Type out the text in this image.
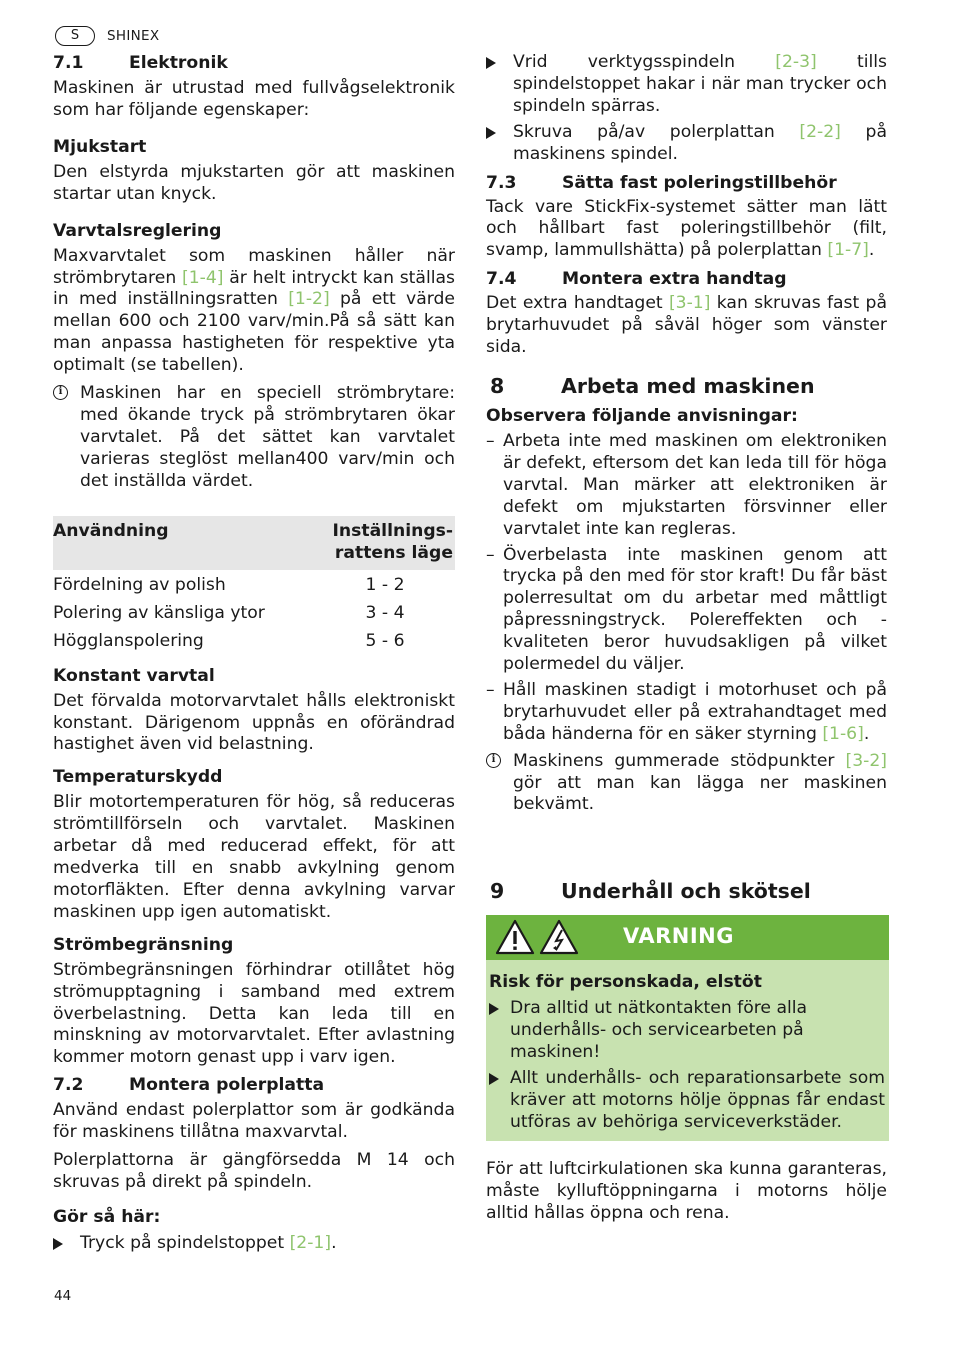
S	SHINEX
7.1	Elektronik

Maskinen är utrustad med fullvågselektronik som har följande egenskaper:

Mjukstart

Den elstyrda mjukstarten gör att maskinen startar utan knyck.

Varvtalsreglering

Maxvarvtalet som maskinen håller när strömbrytaren [1-4] är helt intryckt kan ställas in med inställningsratten [1-2] på ett värde mellan 600 och 2100 varv/min.På så sätt kan man anpassa hastigheten för respektive yta optimalt (se tabellen).

i	Maskinen har en speciell strömbrytare: med ökande tryck på strömbrytaren ökar varvtalet. På det sättet kan varvtalet varieras steglöst mellan400 varv/min och det inställda värdet.

Användning	Inställnings-
rattens läge
Fördelning av polish	1 - 2
Polering av känsliga ytor	3 - 4
Högglanspolering	5 - 6
Konstant varvtal

Det förvalda motorvarvtalet hålls elektroniskt konstant. Därigenom uppnås en oförändrad hastighet även vid belastning.

Temperaturskydd

Blir motortemperaturen för hög, så reduceras strömtillförseln och varvtalet. Maskinen arbetar då med reducerad effekt, för att medverka till en snabb avkylning genom motorfläkten. Efter denna avkylning varvar maskinen upp igen automatiskt.

Strömbegränsning

Strömbegränsningen förhindrar otillåtet hög strömupptagning i samband med extrem överbelastning. Detta kan leda till en minskning av motorvarvtalet. Efter avlastning kommer motorn genast upp i varv igen.

7.2	Montera polerplatta

Använd endast polerplattor som är godkända för maskinens tillåtna maxvarvtal.

Polerplattorna är gängförsedda M 14 och skruvas på direkt på spindeln.

Gör så här:

Tryck på spindelstoppet [2-1].

Vrid verktygsspindeln [2-3] tills spindelstoppet hakar i när man trycker och spindeln spärras.

Skruva på/av polerplattan [2-2] på maskinens spindel.

7.3	Sätta fast poleringstillbehör

Tack vare StickFix-systemet sätter man lätt och hållbart fast poleringstillbehör (filt, svamp, lammullshätta) på polerplattan [1-7].

7.4	Montera extra handtag

Det extra handtaget [3-1] kan skruvas fast på brytarhuvudet på såväl höger som vänster sida.

8	Arbeta med maskinen
Observera följande anvisningar:
– Arbeta inte med maskinen om elektroniken är defekt, eftersom det kan leda till för höga varvtal. Man märker att elektroniken är defekt om mjukstarten försvinner eller varvtalet inte kan regleras.

– Överbelasta inte maskinen genom att trycka på den med för stor kraft! Du får bäst polerresultat om du arbetar med måttligt påpressningstryck. Polereffekten och -kvaliteten beror huvudsakligen på vilket polermedel du väljer.

– Håll maskinen stadigt i motorhuset och på brytarhuvudet eller på extrahandtaget med båda händerna för en säker styrning [1-6].

i	Maskinens gummerade stödpunkter [3-2] gör att man kan lägga ner maskinen bekvämt.

9	Underhåll och skötsel
VARNING
Risk för personskada, elstöt

Dra alltid ut nätkontakten före alla underhålls- och servicearbeten på maskinen!

Allt underhålls- och reparationsarbete som kräver att motorns hölje öppnas får endast utföras av behöriga serviceverkstäder.

För att luftcirkulationen ska kunna garanteras, måste kylluftöppningarna i motorns hölje alltid hållas öppna och rena.

44
